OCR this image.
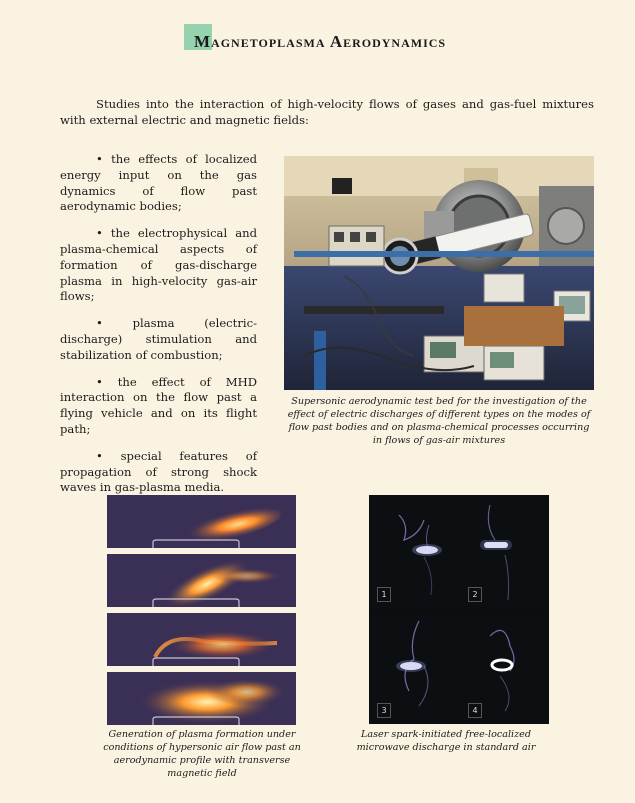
Magnetoplasma Aerodynamics

Studies into the interaction of high-velocity flows of gases and gas-fuel mixtures with external electric and magnetic fields:

• the effects of localized energy input on the gas dynamics of flow past aerodynamic bodies;

• the electrophysical and plasma-chemical aspects of formation of gas-discharge plasma in high-velocity gas-air flows;

• plasma (electric-discharge) stimulation and stabilization of combustion;

• the effect of MHD interaction on the flow past a flying vehicle and on its flight path;

• special features of propagation of strong shock waves in gas-plasma media.

Supersonic aerodynamic test bed for the investigation of the effect of electric discharges of different types on the modes of flow past bodies and on plasma-chemical processes occurring in flows of gas-air mixtures
Generation of plasma formation under conditions of hypersonic air flow past an aerodynamic profile with transverse magnetic field
1	2
3	4
Laser spark-initiated free-localized microwave discharge in standard air
